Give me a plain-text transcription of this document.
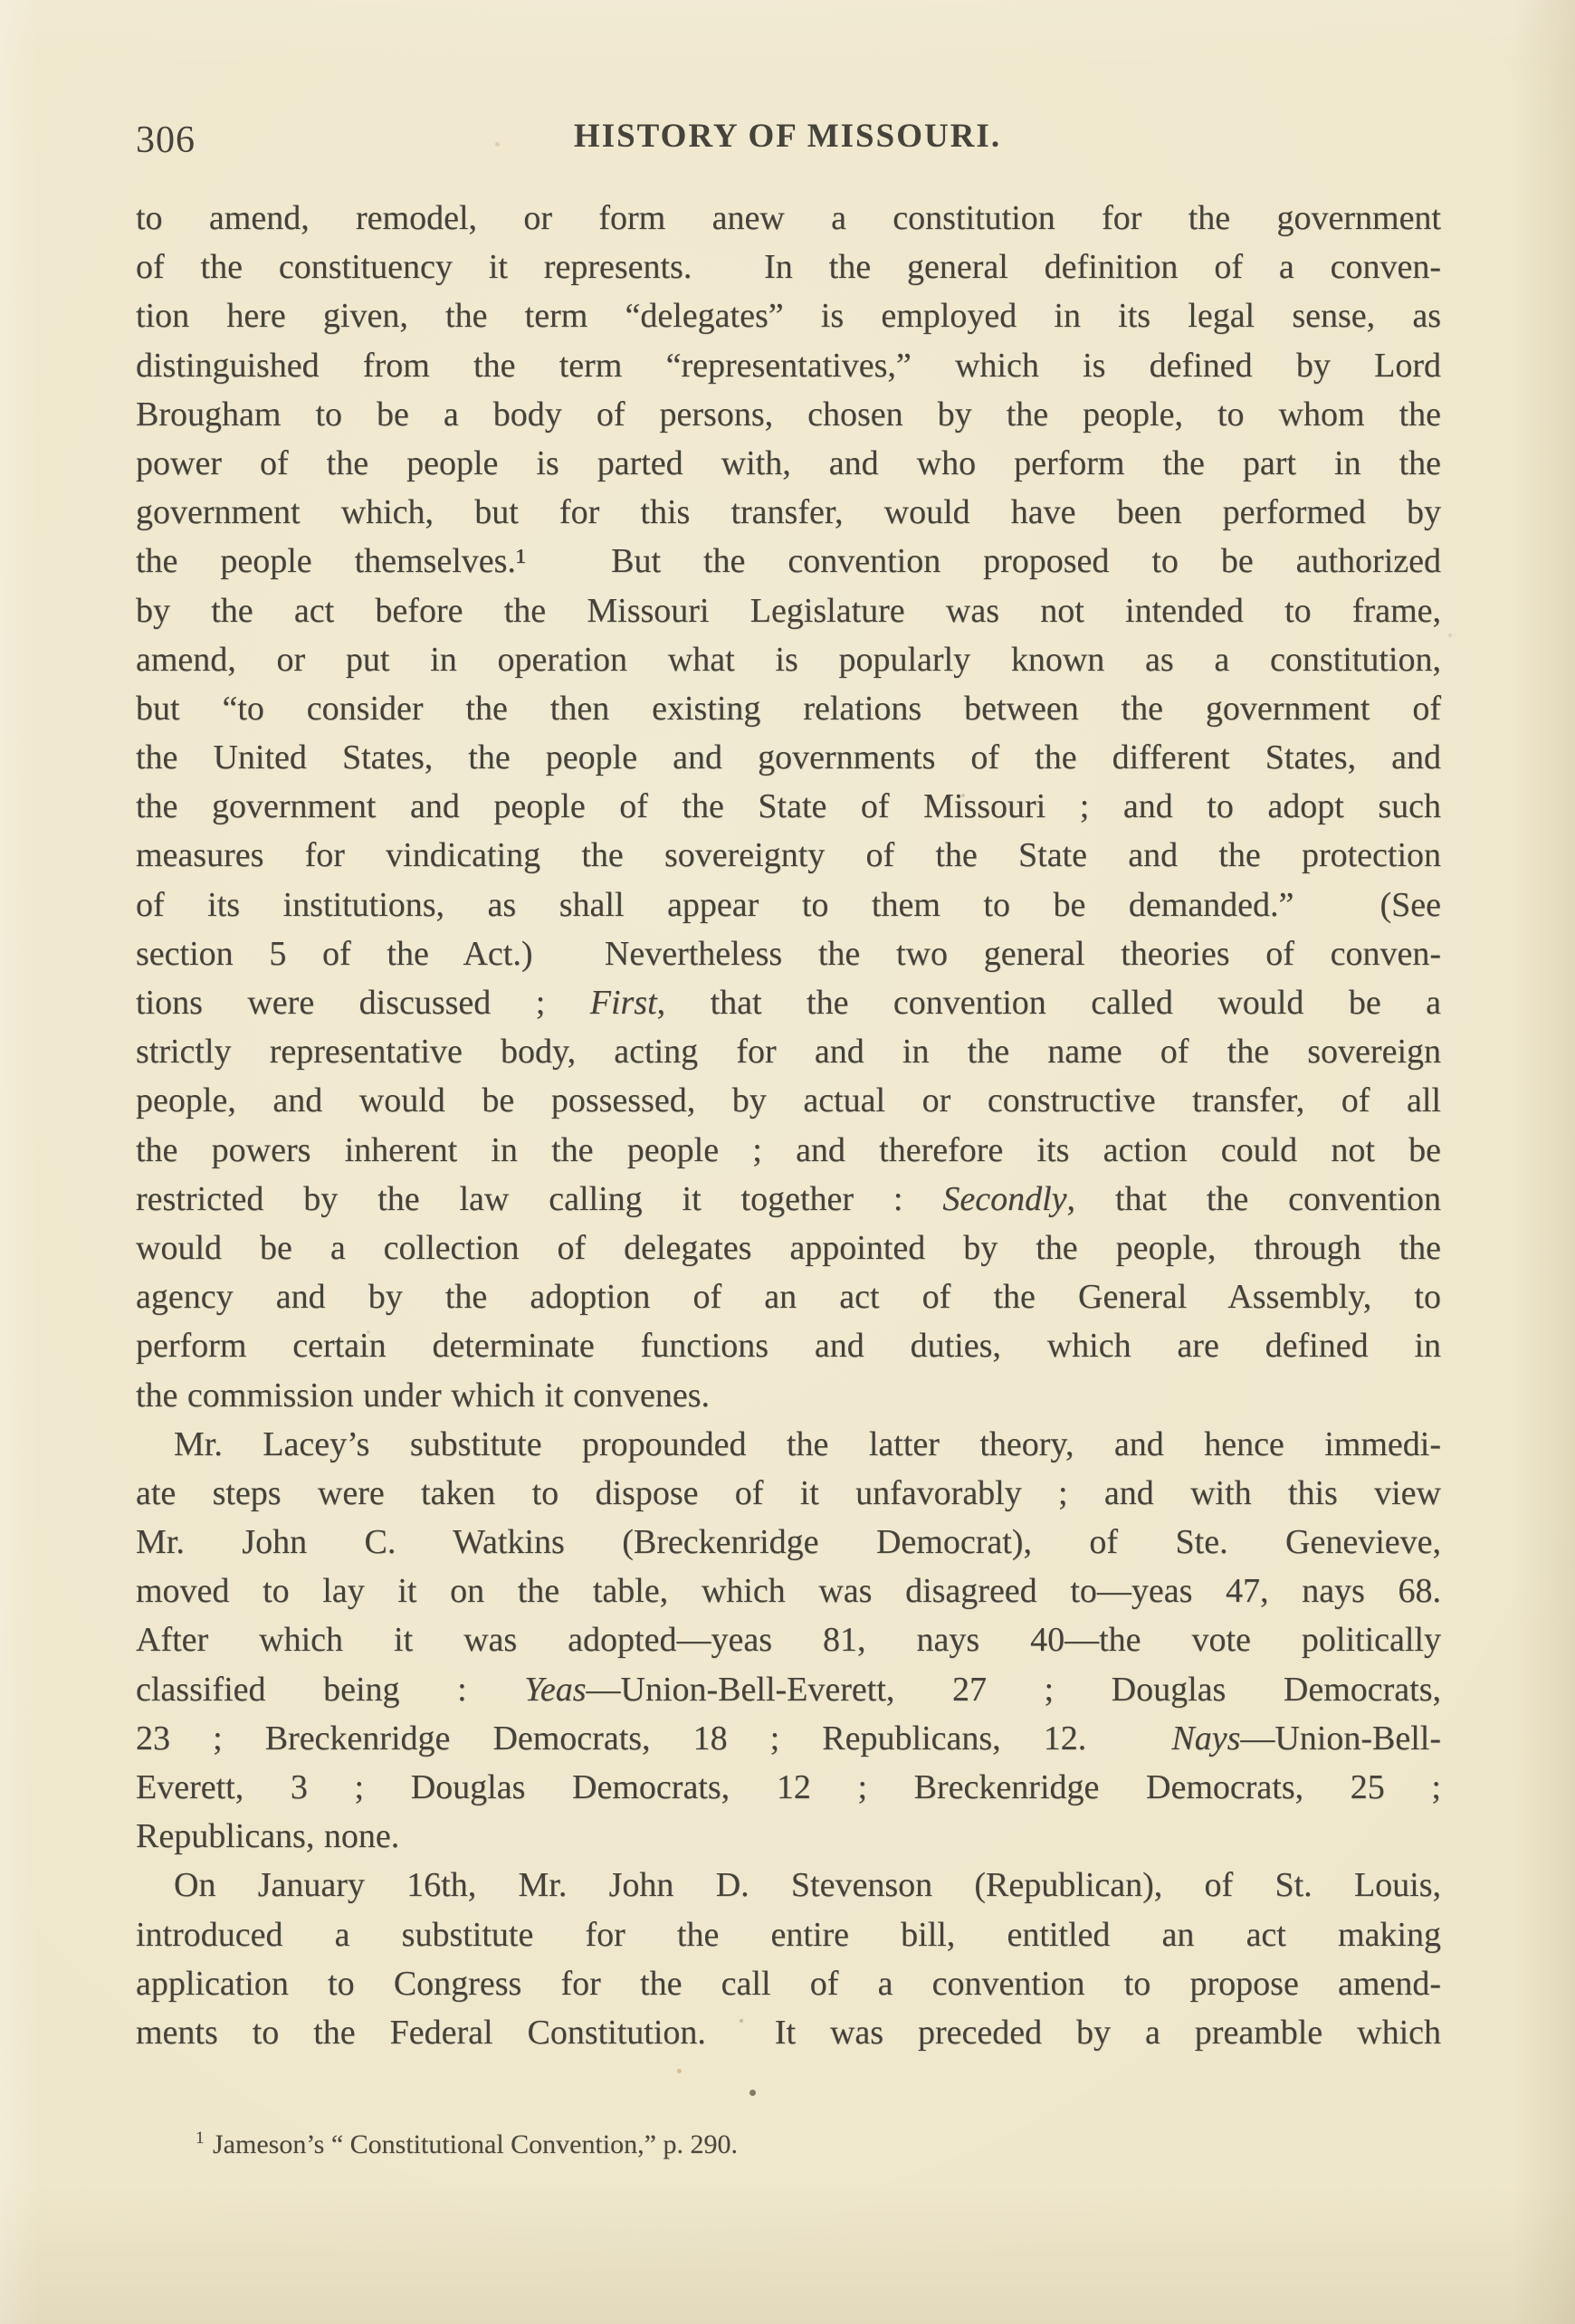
306	HISTORY OF MISSOURI.
to amend, remodel, or form anew a constitution for the government
of the constituency it represents.  In the general definition of a conven-
tion here given, the term “delegates” is employed in its legal sense, as
distinguished from the term “representatives,” which is defined by Lord
Brougham to be a body of persons, chosen by the people, to whom the
power of the people is parted with, and who perform the part in the
government which, but for this transfer, would have been performed by
the people themselves.¹  But the convention proposed to be authorized
by the act before the Missouri Legislature was not intended to frame,
amend, or put in operation what is popularly known as a constitution,
but “to consider the then existing relations between the government of
the United States, the people and governments of the different States, and
the government and people of the State of Missouri ; and to adopt such
measures for vindicating the sovereignty of the State and the protection
of its institutions, as shall appear to them to be demanded.”  (See
section 5 of the Act.)  Nevertheless the two general theories of conven-
tions were discussed ; First, that the convention called would be a
strictly representative body, acting for and in the name of the sovereign
people, and would be possessed, by actual or constructive transfer, of all
the powers inherent in the people ; and therefore its action could not be
restricted by the law calling it together : Secondly, that the convention
would be a collection of delegates appointed by the people, through the
agency and by the adoption of an act of the General Assembly, to
perform certain determinate functions and duties, which are defined in
the commission under which it convenes.
Mr. Lacey’s substitute propounded the latter theory, and hence immedi-
ate steps were taken to dispose of it unfavorably ; and with this view
Mr. John C. Watkins (Breckenridge Democrat), of Ste. Genevieve,
moved to lay it on the table, which was disagreed to—yeas 47, nays 68.
After which it was adopted—yeas 81, nays 40—the vote politically
classified being : Yeas—Union-Bell-Everett, 27 ; Douglas Democrats,
23 ; Breckenridge Democrats, 18 ; Republicans, 12.  Nays—Union-Bell-
Everett, 3 ; Douglas Democrats, 12 ; Breckenridge Democrats, 25 ;
Republicans, none.
On January 16th, Mr. John D. Stevenson (Republican), of St. Louis,
introduced a substitute for the entire bill, entitled an act making
application to Congress for the call of a convention to propose amend-
ments to the Federal Constitution.  It was preceded by a preamble which
$^1$ Jameson’s “ Constitutional Convention,” p. 290.
